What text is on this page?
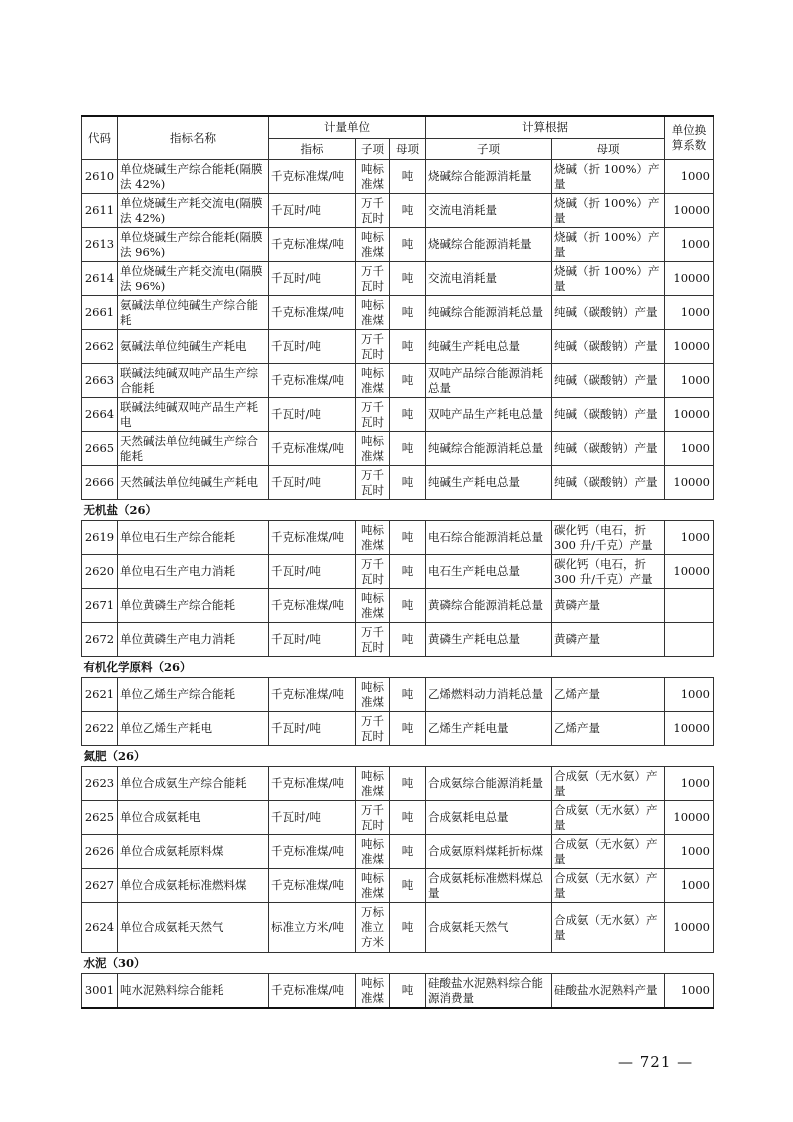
代码	指标名称	计量单位			计算根据		单位换算系数
		指标	子项	母项	子项	母项	
2610	单位烧碱生产综合能耗(隔膜法 42%)	千克标准煤/吨	吨标准煤	吨	烧碱综合能源消耗量	烧碱（折 100%）产量	1000
2611	单位烧碱生产耗交流电(隔膜法 42%)	千瓦时/吨	万千瓦时	吨	交流电消耗量	烧碱（折 100%）产量	10000
2613	单位烧碱生产综合能耗(隔膜法 96%)	千克标准煤/吨	吨标准煤	吨	烧碱综合能源消耗量	烧碱（折 100%）产量	1000
2614	单位烧碱生产耗交流电(隔膜法 96%)	千瓦时/吨	万千瓦时	吨	交流电消耗量	烧碱（折 100%）产量	10000
2661	氨碱法单位纯碱生产综合能耗	千克标准煤/吨	吨标准煤	吨	纯碱综合能源消耗总量	纯碱（碳酸钠）产量	1000
2662	氨碱法单位纯碱生产耗电	千瓦时/吨	万千瓦时	吨	纯碱生产耗电总量	纯碱（碳酸钠）产量	10000
2663	联碱法纯碱双吨产品生产综合能耗	千克标准煤/吨	吨标准煤	吨	双吨产品综合能源消耗总量	纯碱（碳酸钠）产量	1000
2664	联碱法纯碱双吨产品生产耗电	千瓦时/吨	万千瓦时	吨	双吨产品生产耗电总量	纯碱（碳酸钠）产量	10000
2665	天然碱法单位纯碱生产综合能耗	千克标准煤/吨	吨标准煤	吨	纯碱综合能源消耗总量	纯碱（碳酸钠）产量	1000
2666	天然碱法单位纯碱生产耗电	千瓦时/吨	万千瓦时	吨	纯碱生产耗电总量	纯碱（碳酸钠）产量	10000
无机盐（26）							
2619	单位电石生产综合能耗	千克标准煤/吨	吨标准煤	吨	电石综合能源消耗总量	碳化钙（电石，折 300 升/千克）产量	1000
2620	单位电石生产电力消耗	千瓦时/吨	万千瓦时	吨	电石生产耗电总量	碳化钙（电石，折 300 升/千克）产量	10000
2671	单位黄磷生产综合能耗	千克标准煤/吨	吨标准煤	吨	黄磷综合能源消耗总量	黄磷产量	
2672	单位黄磷生产电力消耗	千瓦时/吨	万千瓦时	吨	黄磷生产耗电总量	黄磷产量	
有机化学原料（26）							
2621	单位乙烯生产综合能耗	千克标准煤/吨	吨标准煤	吨	乙烯燃料动力消耗总量	乙烯产量	1000
2622	单位乙烯生产耗电	千瓦时/吨	万千瓦时	吨	乙烯生产耗电量	乙烯产量	10000
氮肥（26）							
2623	单位合成氨生产综合能耗	千克标准煤/吨	吨标准煤	吨	合成氨综合能源消耗量	合成氨（无水氨）产量	1000
2625	单位合成氨耗电	千瓦时/吨	万千瓦时	吨	合成氨耗电总量	合成氨（无水氨）产量	10000
2626	单位合成氨耗原料煤	千克标准煤/吨	吨标准煤	吨	合成氨原料煤耗折标煤	合成氨（无水氨）产量	1000
2627	单位合成氨耗标准燃料煤	千克标准煤/吨	吨标准煤	吨	合成氨耗标准燃料煤总量	合成氨（无水氨）产量	1000
2624	单位合成氨耗天然气	标准立方米/吨	万标准立方米	吨	合成氨耗天然气	合成氨（无水氨）产量	10000
水泥（30）							
3001	吨水泥熟料综合能耗	千克标准煤/吨	吨标准煤	吨	硅酸盐水泥熟料综合能源消费量	硅酸盐水泥熟料产量	1000
— 721 —
